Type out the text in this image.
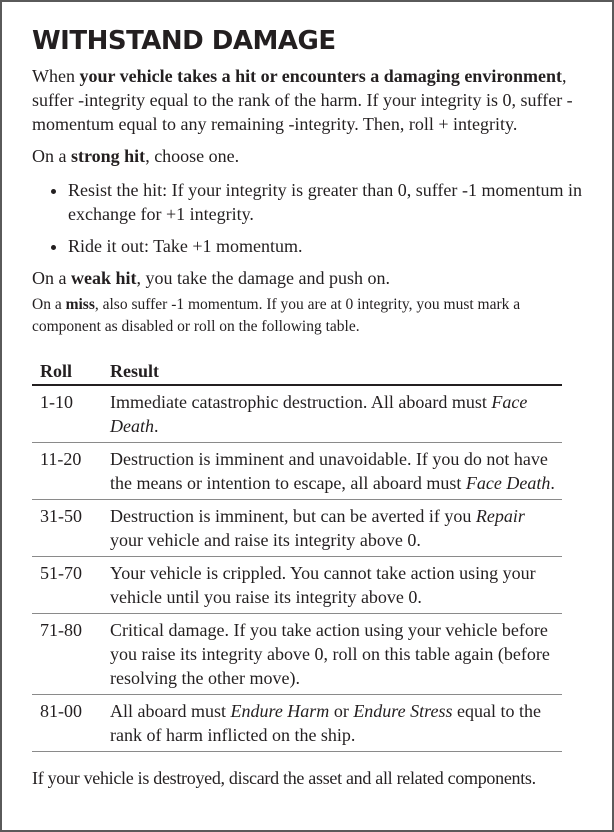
WITHSTAND DAMAGE

When your vehicle takes a hit or encounters a damaging environment, suffer -integrity equal to the rank of the harm. If your integrity is 0, suffer -momentum equal to any remaining -integrity. Then, roll + integrity.

On a strong hit, choose one.

• Resist the hit: If your integrity is greater than 0, suffer -1 momentum in exchange for +1 integrity.
• Ride it out: Take +1 momentum.

On a weak hit, you take the damage and push on.

On a miss, also suffer -1 momentum. If you are at 0 integrity, you must mark a component as disabled or roll on the following table.

Roll	Result
1-10	Immediate catastrophic destruction. All aboard must Face Death.
11-20	Destruction is imminent and unavoidable. If you do not have the means or intention to escape, all aboard must Face Death.
31-50	Destruction is imminent, but can be averted if you Repair your vehicle and raise its integrity above 0.
51-70	Your vehicle is crippled. You cannot take action using your vehicle until you raise its integrity above 0.
71-80	Critical damage. If you take action using your vehicle before you raise its integrity above 0, roll on this table again (before resolving the other move).
81-00	All aboard must Endure Harm or Endure Stress equal to the rank of harm inflicted on the ship.

If your vehicle is destroyed, discard the asset and all related components.
